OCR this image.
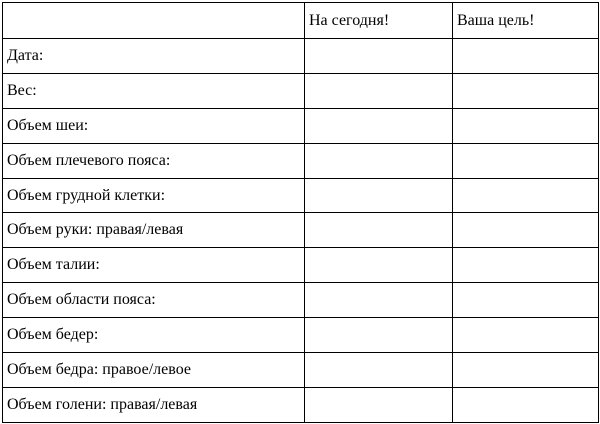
	На сегодня!	Ваша цель!
Дата:		
Вес:		
Объем шеи:		
Объем плечевого пояса:		
Объем грудной клетки:		
Объем руки: правая/левая		
Объем талии:		
Объем области пояса:		
Объем бедер:		
Объем бедра: правое/левое		
Объем голени: правая/левая		
